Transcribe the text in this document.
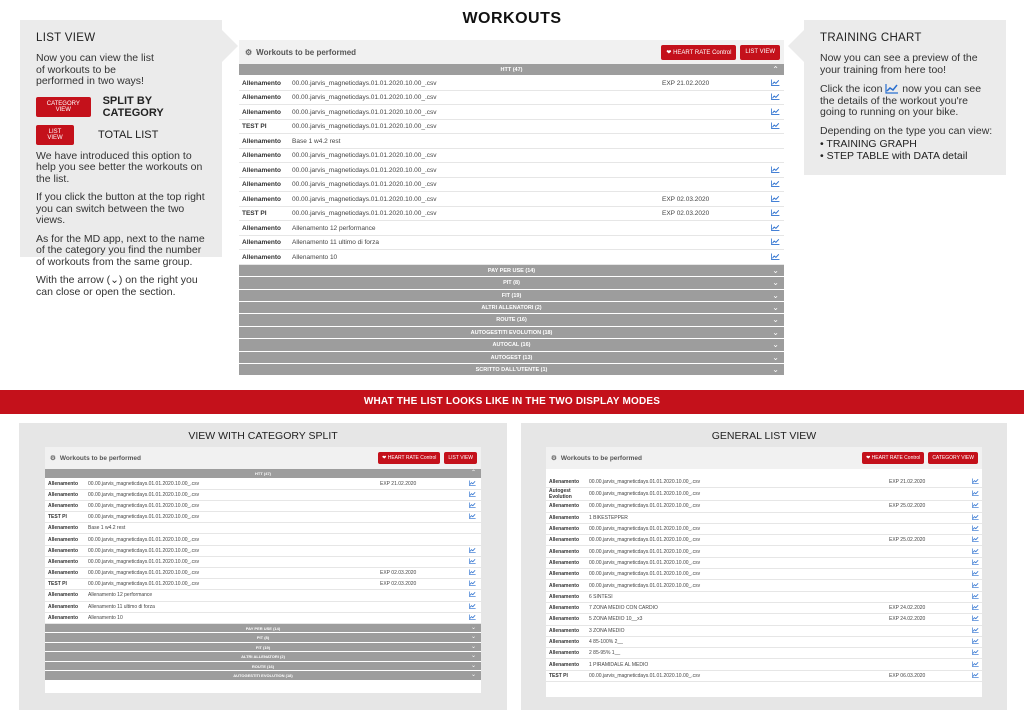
WORKOUTS
LIST VIEW

Now you can view the list of workouts to be performed in two ways!

CATEGORY VIEW
SPLIT BY CATEGORY
LIST VIEW	TOTAL LIST

We have introduced this option to help you see better the workouts on the list.

If you click the button at the top right you can switch between the two views.

As for the MD app, next to the name of the category you find the number of workouts from the same group.

With the arrow (⌄) on the right you can close or open the section.

TRAINING CHART

Now you can see a preview of the your training from here too!

Click the icon now you can see the details of the workout you're going to running on your bike.

Depending on the type you can view:

• TRAINING GRAPH
• STEP TABLE with DATA detail
⚙ Workouts to be performed	❤ HEART RATE Control	LIST VIEW
HTT (47)	⌃
Allenamento	00.00.jarvis_magneticdays.01.01.2020.10.00_.csv	EXP 21.02.2020
Allenamento	00.00.jarvis_magneticdays.01.01.2020.10.00_.csv
Allenamento	00.00.jarvis_magneticdays.01.01.2020.10.00_.csv
TEST PI	00.00.jarvis_magneticdays.01.01.2020.10.00_.csv
Allenamento	Base 1 w4.2 rest
Allenamento	00.00.jarvis_magneticdays.01.01.2020.10.00_.csv
Allenamento	00.00.jarvis_magneticdays.01.01.2020.10.00_.csv
Allenamento	00.00.jarvis_magneticdays.01.01.2020.10.00_.csv
Allenamento	00.00.jarvis_magneticdays.01.01.2020.10.00_.csv	EXP 02.03.2020
TEST PI	00.00.jarvis_magneticdays.01.01.2020.10.00_.csv	EXP 02.03.2020
Allenamento	Allenamento 12 performance
Allenamento	Allenamento 11 ultimo di forza
Allenamento	Allenamento 10
PAY PER USE (14)	⌄
PIT (8)	⌄
FIT (19)	⌄
ALTRI ALLENATORI (2)	⌄
ROUTE (16)	⌄
AUTOGESTITI EVOLUTION (18)	⌄
AUTOCAL (16)	⌄
AUTOGEST (13)	⌄
SCRITTO DALL'UTENTE (1)	⌄
WHAT THE LIST LOOKS LIKE IN THE TWO DISPLAY MODES
VIEW WITH CATEGORY SPLIT
⚙ Workouts to be performed	❤ HEART RATE Control	LIST VIEW
HTT (47)	⌃
Allenamento	00.00.jarvis_magneticdays.01.01.2020.10.00_.csv	EXP 21.02.2020
Allenamento	00.00.jarvis_magneticdays.01.01.2020.10.00_.csv
Allenamento	00.00.jarvis_magneticdays.01.01.2020.10.00_.csv
TEST PI	00.00.jarvis_magneticdays.01.01.2020.10.00_.csv
Allenamento	Base 1 w4.2 rest
Allenamento	00.00.jarvis_magneticdays.01.01.2020.10.00_.csv
Allenamento	00.00.jarvis_magneticdays.01.01.2020.10.00_.csv
Allenamento	00.00.jarvis_magneticdays.01.01.2020.10.00_.csv
Allenamento	00.00.jarvis_magneticdays.01.01.2020.10.00_.csv	EXP 02.03.2020
TEST PI	00.00.jarvis_magneticdays.01.01.2020.10.00_.csv	EXP 02.03.2020
Allenamento	Allenamento 12 performance
Allenamento	Allenamento 11 ultimo di forza
Allenamento	Allenamento 10
PAY PER USE (14)	⌄
PIT (8)	⌄
FIT (19)	⌄
ALTRI ALLENATORI (2)	⌄
ROUTE (16)	⌄
AUTOGESTITI EVOLUTION (18)	⌄
GENERAL LIST VIEW
⚙ Workouts to be performed	❤ HEART RATE Control	CATEGORY VIEW
Allenamento	00.00.jarvis_magneticdays.01.01.2020.10.00_.csv	EXP 21.02.2020
Autogest Evolution	00.00.jarvis_magneticdays.01.01.2020.10.00_.csv
Allenamento	00.00.jarvis_magneticdays.01.01.2020.10.00_.csv	EXP 25.02.2020
Allenamento	1 BIKESTEPPER
Allenamento	00.00.jarvis_magneticdays.01.01.2020.10.00_.csv
Allenamento	00.00.jarvis_magneticdays.01.01.2020.10.00_.csv	EXP 25.02.2020
Allenamento	00.00.jarvis_magneticdays.01.01.2020.10.00_.csv
Allenamento	00.00.jarvis_magneticdays.01.01.2020.10.00_.csv
Allenamento	00.00.jarvis_magneticdays.01.01.2020.10.00_.csv
Allenamento	00.00.jarvis_magneticdays.01.01.2020.10.00_.csv
Allenamento	6 SINTESI
Allenamento	7 ZONA MEDIO CON CARDIO	EXP 24.02.2020
Allenamento	5 ZONA MEDIO 10__x3	EXP 24.02.2020
Allenamento	3 ZONA MEDIO
Allenamento	4 85-100% 2__
Allenamento	2 85-95% 1__
Allenamento	1 PIRAMIDALE AL MEDIO
TEST PI	00.00.jarvis_magneticdays.01.01.2020.10.00_.csv	EXP 06.03.2020
